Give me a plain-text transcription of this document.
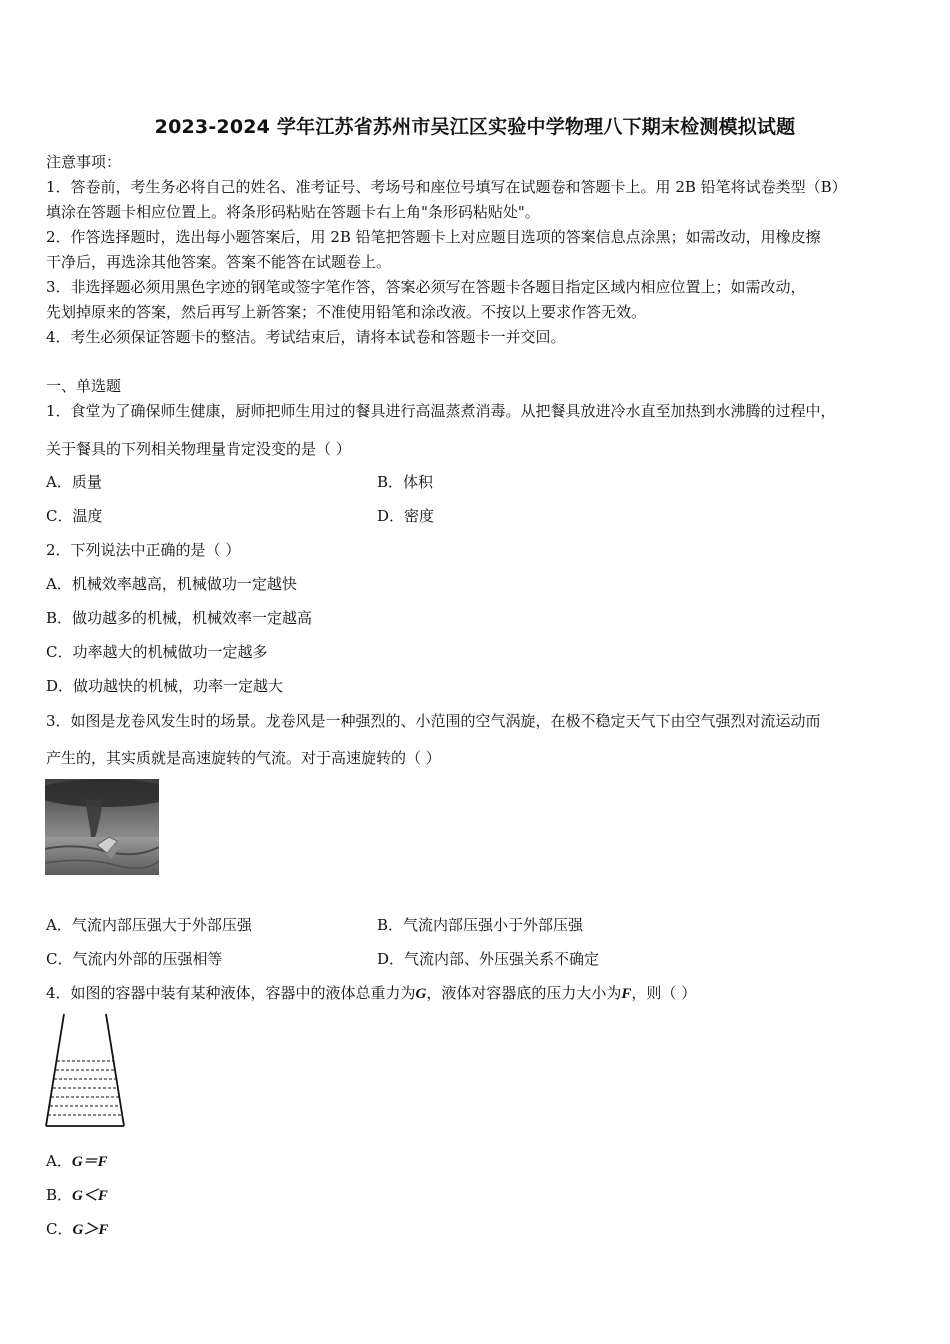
2023-2024 学年江苏省苏州市吴江区实验中学物理八下期末检测模拟试题
注意事项：
1．答卷前，考生务必将自己的姓名、准考证号、考场号和座位号填写在试题卷和答题卡上。用 2B 铅笔将试卷类型（B）
填涂在答题卡相应位置上。将条形码粘贴在答题卡右上角"条形码粘贴处"。
2．作答选择题时，选出每小题答案后，用 2B 铅笔把答题卡上对应题目选项的答案信息点涂黑；如需改动，用橡皮擦
干净后，再选涂其他答案。答案不能答在试题卷上。
3．非选择题必须用黑色字迹的钢笔或签字笔作答，答案必须写在答题卡各题目指定区域内相应位置上；如需改动，
先划掉原来的答案，然后再写上新答案；不准使用铅笔和涂改液。不按以上要求作答无效。
4．考生必须保证答题卡的整洁。考试结束后，请将本试卷和答题卡一并交回。
一、单选题
1．食堂为了确保师生健康，厨师把师生用过的餐具进行高温蒸煮消毒。从把餐具放进冷水直至加热到水沸腾的过程中，
关于餐具的下列相关物理量肯定没变的是（ ）
A．质量	B．体积
C．温度	D．密度
2．下列说法中正确的是（ ）
A．机械效率越高，机械做功一定越快
B．做功越多的机械，机械效率一定越高
C．功率越大的机械做功一定越多
D．做功越快的机械，功率一定越大
3．如图是龙卷风发生时的场景。龙卷风是一种强烈的、小范围的空气涡旋，在极不稳定天气下由空气强烈对流运动而
产生的，其实质就是高速旋转的气流。对于高速旋转的（ ）
A．气流内部压强大于外部压强	B．气流内部压强小于外部压强
C．气流内外部的压强相等	D．气流内部、外压强关系不确定
4．如图的容器中装有某种液体，容器中的液体总重力为G，液体对容器底的压力大小为F，则（ ）
A．G＝F
B．G＜F
C．G＞F
